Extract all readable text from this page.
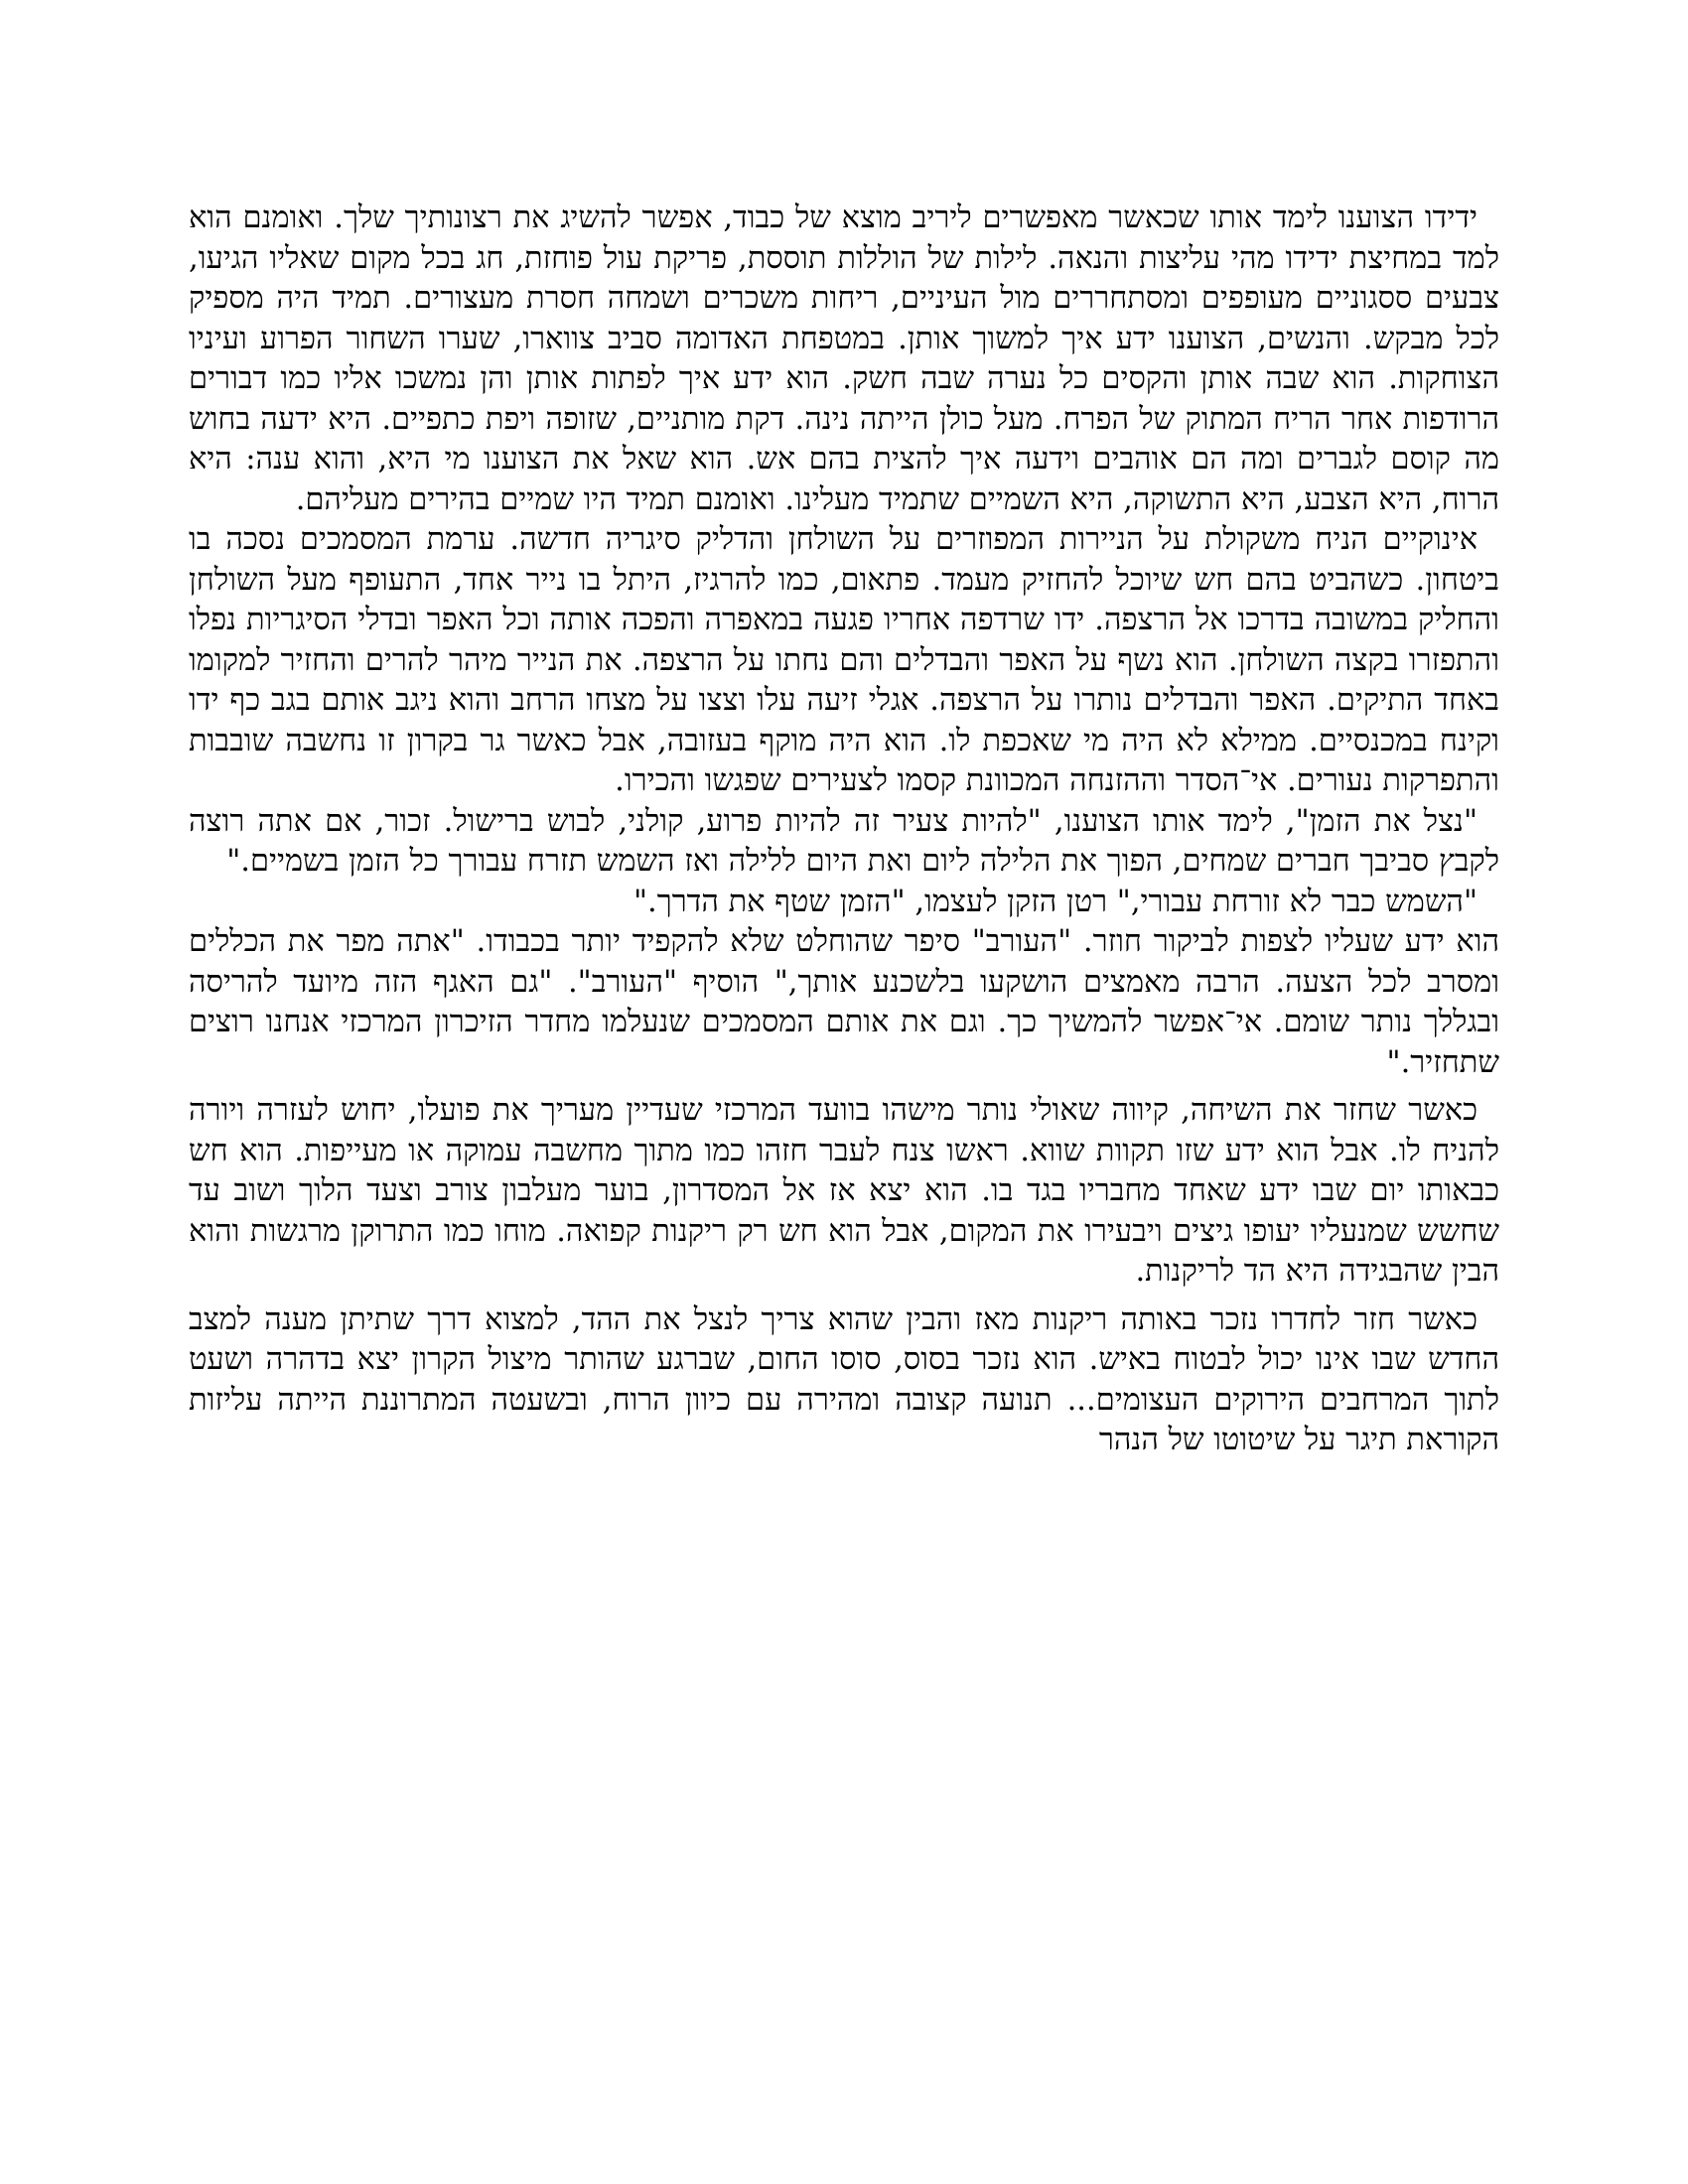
ידידו הצוענו לימד אותו שכאשר מאפשרים ליריב מוצא של כבוד, אפשר להשיג את רצונותיך שלך. ואומנם הוא למד במחיצת ידידו מהי עליצות והנאה. לילות של הוללות תוססת, פריקת עול פוחזת, חג בכל מקום שאליו הגיעו, צבעים ססגוניים מעופפים ומסתחררים מול העיניים, ריחות משכרים ושמחה חסרת מעצורים. תמיד היה מספיק לכל מבקש. והנשים, הצוענו ידע איך למשוך אותן. במטפחת האדומה סביב צווארו, שערו השחור הפרוע ועיניו הצוחקות. הוא שבה אותן והקסים כל נערה שבה חשק. הוא ידע איך לפתות אותן והן נמשכו אליו כמו דבורים הרודפות אחר הריח המתוק של הפרח. מעל כולן הייתה נינה. דקת מותניים, שזופה ויפת כתפיים. היא ידעה בחוש מה קוסם לגברים ומה הם אוהבים וידעה איך להצית בהם אש. הוא שאל את הצוענו מי היא, והוא ענה: היא הרוח, היא הצבע, היא התשוקה, היא השמיים שתמיד מעלינו. ואומנם תמיד היו שמיים בהירים מעליהם.

אינוקיים הניח משקולת על הניירות המפוזרים על השולחן והדליק סיגריה חדשה. ערמת המסמכים נסכה בו ביטחון. כשהביט בהם חש שיוכל להחזיק מעמד. פתאום, כמו להרגיז, היתל בו נייר אחד, התעופף מעל השולחן והחליק במשובה בדרכו אל הרצפה. ידו שרדפה אחריו פגעה במאפרה והפכה אותה וכל האפר ובדלי הסיגריות נפלו והתפזרו בקצה השולחן. הוא נשף על האפר והבדלים והם נחתו על הרצפה. את הנייר מיהר להרים והחזיר למקומו באחד התיקים. האפר והבדלים נותרו על הרצפה. אגלי זיעה עלו וצצו על מצחו הרחב והוא ניגב אותם בגב כף ידו וקינח במכנסיים. ממילא לא היה מי שאכפת לו. הוא היה מוקף בעזובה, אבל כאשר גר בקרון זו נחשבה שובבות והתפרקות נעורים. אי־הסדר וההזנחה המכוונת קסמו לצעירים שפגשו והכירו.

"נצל את הזמן", לימד אותו הצוענו, "להיות צעיר זה להיות פרוע, קולני, לבוש ברישול. זכור, אם אתה רוצה לקבץ סביבך חברים שמחים, הפוך את הלילה ליום ואת היום ללילה ואז השמש תזרח עבורך כל הזמן בשמיים."

"השמש כבר לא זורחת עבורי," רטן הזקן לעצמו, "הזמן שטף את הדרך."

הוא ידע שעליו לצפות לביקור חוזר. "העורב" סיפר שהוחלט שלא להקפיד יותר בכבודו. "אתה מפר את הכללים ומסרב לכל הצעה. הרבה מאמצים הושקעו בלשכנע אותך," הוסיף "העורב". "גם האגף הזה מיועד להריסה ובגללך נותר שומם. אי־אפשר להמשיך כך. וגם את אותם המסמכים שנעלמו מחדר הזיכרון המרכזי אנחנו רוצים שתחזיר."

כאשר שחזר את השיחה, קיווה שאולי נותר מישהו בוועד המרכזי שעדיין מעריך את פועלו, יחוש לעזרה ויורה להניח לו. אבל הוא ידע שזו תקוות שווא. ראשו צנח לעבר חזהו כמו מתוך מחשבה עמוקה או מעייפות. הוא חש כבאותו יום שבו ידע שאחד מחבריו בגד בו. הוא יצא אז אל המסדרון, בוער מעלבון צורב וצעד הלוך ושוב עד שחשש שמנעליו יעופו גיצים ויבעירו את המקום, אבל הוא חש רק ריקנות קפואה. מוחו כמו התרוקן מרגשות והוא הבין שהבגידה היא הד לריקנות.

כאשר חזר לחדרו נזכר באותה ריקנות מאז והבין שהוא צריך לנצל את ההד, למצוא דרך שתיתן מענה למצב החדש שבו אינו יכול לבטוח באיש. הוא נזכר בסוס, סוסו החום, שברגע שהותר מיצול הקרון יצא בדהרה ושעט לתוך המרחבים הירוקים העצומים... תנועה קצובה ומהירה עם כיוון הרוח, ובשעטה המתרוננת הייתה עליזות הקוראת תיגר על שיטוטו של הנהר
